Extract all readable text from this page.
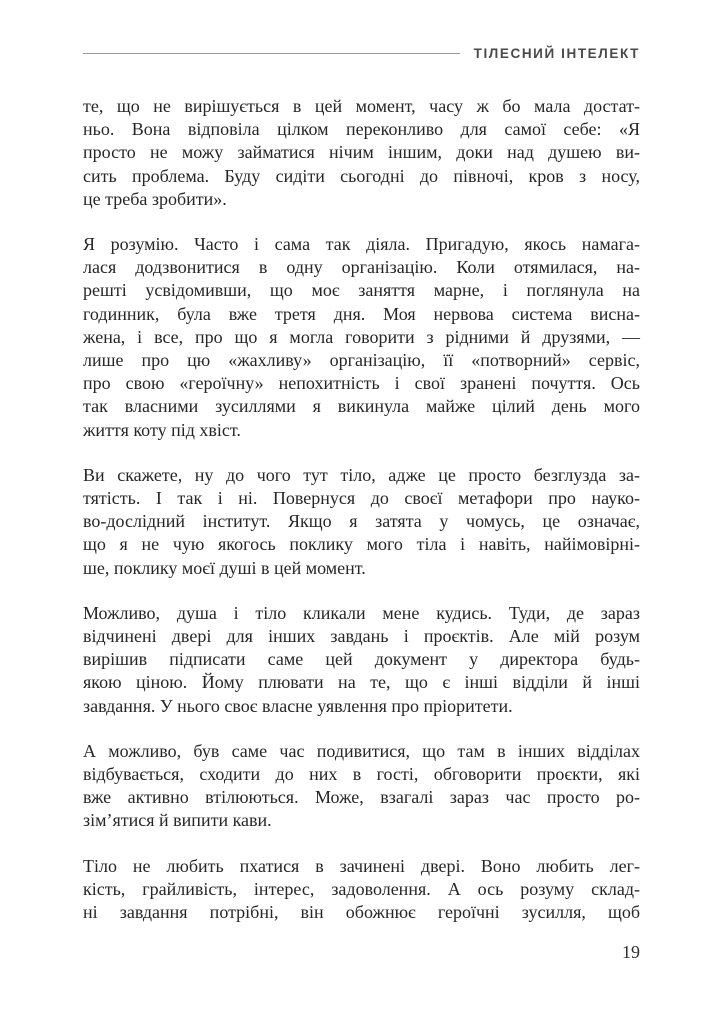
ТІЛЕСНИЙ ІНТЕЛЕКТ
те, що не вирішується в цей момент, часу ж бо мала достат-
ньо. Вона відповіла цілком переконливо для самої себе: «Я
просто не можу займатися нічим іншим, доки над душею ви-
сить проблема. Буду сидіти сьогодні до півночі, кров з носу,
це треба зробити».
Я розумію. Часто і сама так діяла. Пригадую, якось намага-
лася додзвонитися в одну організацію. Коли отямилася, на-
решті усвідомивши, що моє заняття марне, і поглянула на
годинник, була вже третя дня. Моя нервова система висна-
жена, і все, про що я могла говорити з рідними й друзями, —
лише про цю «жахливу» організацію, її «потворний» сервіс,
про свою «героїчну» непохитність і свої зранені почуття. Ось
так власними зусиллями я викинула майже цілий день мого
життя коту під хвіст.
Ви скажете, ну до чого тут тіло, адже це просто безглузда за-
тятість. І так і ні. Повернуся до своєї метафори про науко-
во-дослідний інститут. Якщо я затята у чомусь, це означає,
що я не чую якогось поклику мого тіла і навіть, найімовірні-
ше, поклику моєї душі в цей момент.
Можливо, душа і тіло кликали мене кудись. Туди, де зараз
відчинені двері для інших завдань і проєктів. Але мій розум
вирішив підписати саме цей документ у директора будь-
якою ціною. Йому плювати на те, що є інші відділи й інші
завдання. У нього своє власне уявлення про пріоритети.
А можливо, був саме час подивитися, що там в інших відділах
відбувається, сходити до них в гості, обговорити проєкти, які
вже активно втілюються. Може, взагалі зараз час просто ро-
зім’ятися й випити кави.
Тіло не любить пхатися в зачинені двері. Воно любить лег-
кість, грайливість, інтерес, задоволення. А ось розуму склад-
ні завдання потрібні, він обожнює героїчні зусилля, щоб
19
